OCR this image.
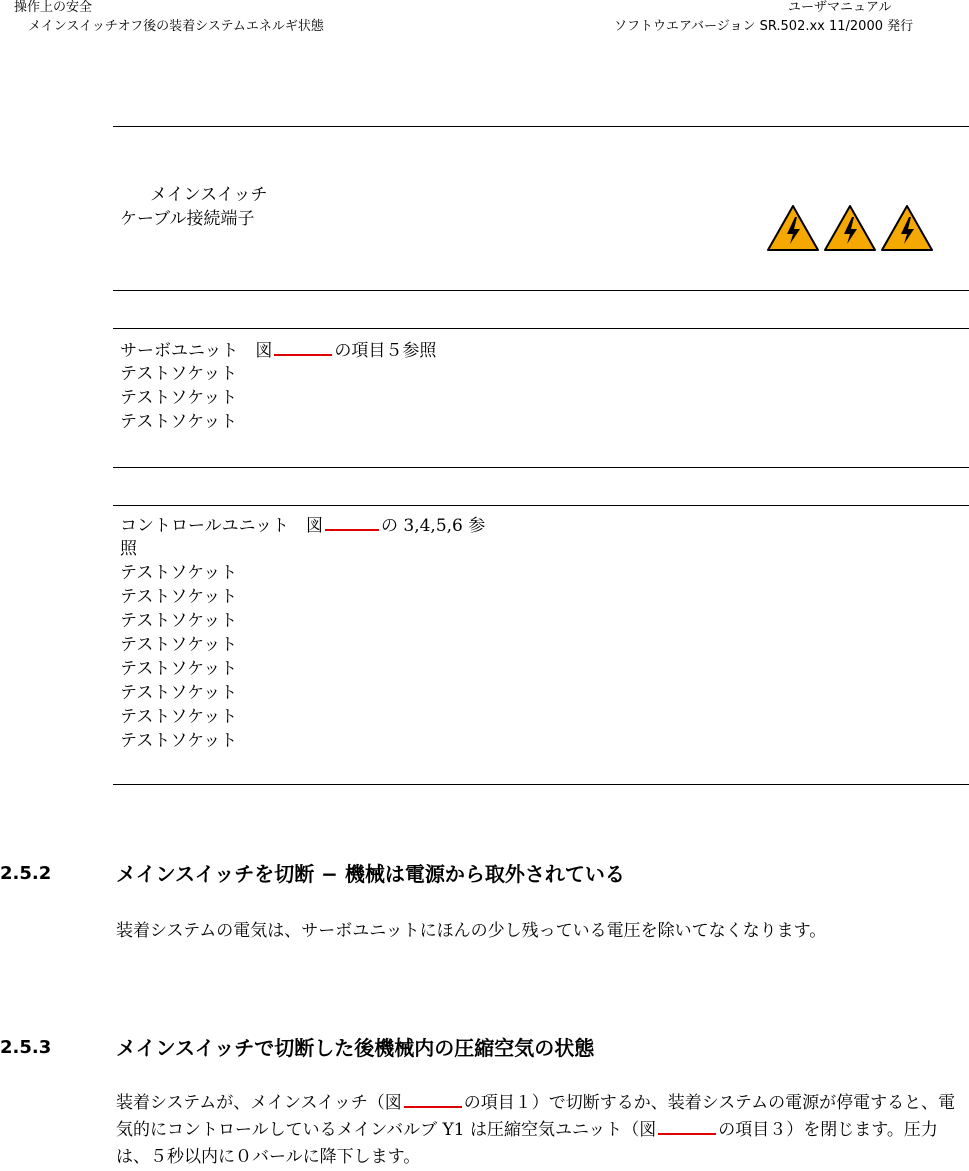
操作上の安全
メインスイッチオフ後の装着システムエネルギ状態
ユーザマニュアル
ソフトウエアバージョン SR.502.xx 11/2000 発行
メインスイッチ
ケーブル接続端子
サーボユニット　図	の項目５参照
テストソケット
テストソケット
テストソケット
コントロールユニット　図	の 3,4,5,6 参
照
テストソケット
テストソケット
テストソケット
テストソケット
テストソケット
テストソケット
テストソケット
テストソケット
2.5.2	メインスイッチを切断 − 機械は電源から取外されている
装着システムの電気は、サーボユニットにほんの少し残っている電圧を除いてなくなります。
2.5.3	メインスイッチで切断した後機械内の圧縮空気の状態
装着システムが、メインスイッチ（図	の項目１）で切断するか、装着システムの電源が停電すると、電気的にコントロールしているメインバルブ Y1 は圧縮空気ユニット（図	の項目３）を閉じます。圧力は、５秒以内に０バールに降下します。
